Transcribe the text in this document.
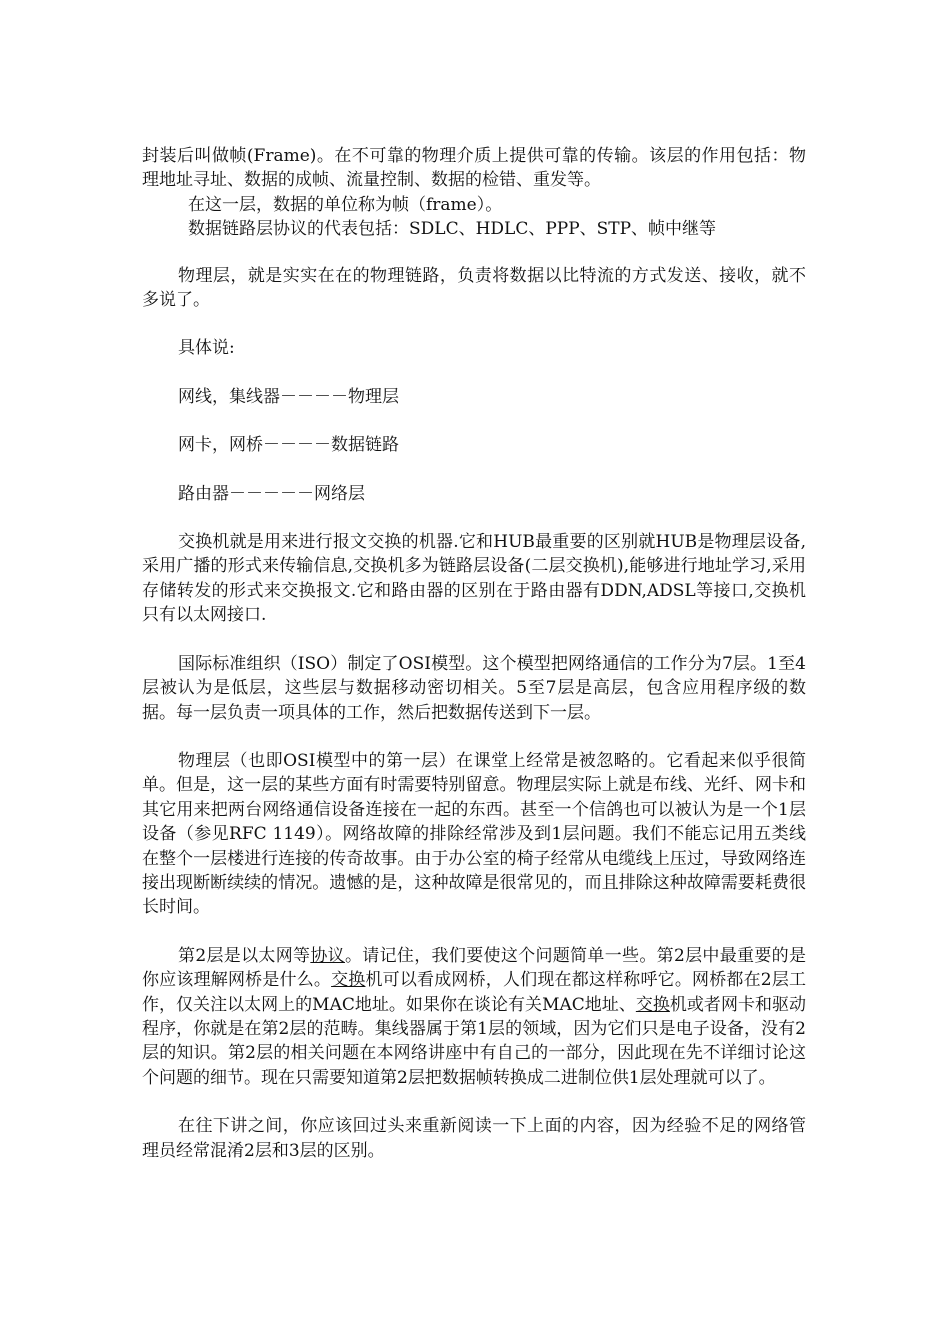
封装后叫做帧(Frame)。在不可靠的物理介质上提供可靠的传输。该层的作用包括：物理地址寻址、数据的成帧、流量控制、数据的检错、重发等。

在这一层，数据的单位称为帧（frame）。

数据链路层协议的代表包括：SDLC、HDLC、PPP、STP、帧中继等

物理层，就是实实在在的物理链路，负责将数据以比特流的方式发送、接收，就不多说了。

具体说:

网线，集线器－－－－物理层

网卡，网桥－－－－数据链路

路由器－－－－－网络层

交换机就是用来进行报文交换的机器.它和HUB最重要的区别就HUB是物理层设备,采用广播的形式来传输信息,交换机多为链路层设备(二层交换机),能够进行地址学习,采用存储转发的形式来交换报文.它和路由器的区别在于路由器有DDN,ADSL等接口,交换机只有以太网接口.

国际标准组织（ISO）制定了OSI模型。这个模型把网络通信的工作分为7层。1至4层被认为是低层，这些层与数据移动密切相关。5至7层是高层，包含应用程序级的数据。每一层负责一项具体的工作，然后把数据传送到下一层。

物理层（也即OSI模型中的第一层）在课堂上经常是被忽略的。它看起来似乎很简单。但是，这一层的某些方面有时需要特别留意。物理层实际上就是布线、光纤、网卡和其它用来把两台网络通信设备连接在一起的东西。甚至一个信鸽也可以被认为是一个1层设备（参见RFC 1149）。网络故障的排除经常涉及到1层问题。我们不能忘记用五类线在整个一层楼进行连接的传奇故事。由于办公室的椅子经常从电缆线上压过，导致网络连接出现断断续续的情况。遗憾的是，这种故障是很常见的，而且排除这种故障需要耗费很长时间。

第2层是以太网等协议。请记住，我们要使这个问题简单一些。第2层中最重要的是你应该理解网桥是什么。交换机可以看成网桥，人们现在都这样称呼它。网桥都在2层工作，仅关注以太网上的MAC地址。如果你在谈论有关MAC地址、交换机或者网卡和驱动程序，你就是在第2层的范畴。集线器属于第1层的领域，因为它们只是电子设备，没有2层的知识。第2层的相关问题在本网络讲座中有自己的一部分，因此现在先不详细讨论这个问题的细节。现在只需要知道第2层把数据帧转换成二进制位供1层处理就可以了。

在往下讲之间，你应该回过头来重新阅读一下上面的内容，因为经验不足的网络管理员经常混淆2层和3层的区别。
